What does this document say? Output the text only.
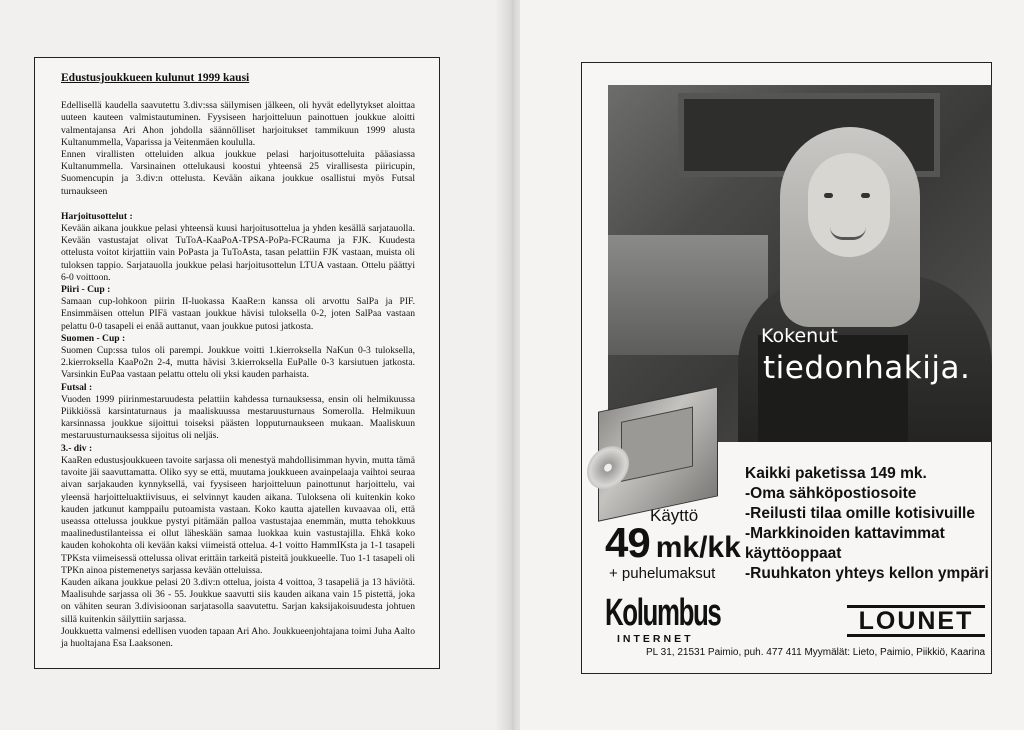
Edustusjoukkueen kulunut 1999 kausi

Edellisellä kaudella saavutettu 3.div:ssa säilymisen jälkeen, oli hyvät edellytykset aloittaa uuteen kauteen valmistautuminen. Fyysiseen harjoitteluun painottuen joukkue aloitti valmentajansa Ari Ahon johdolla säännölliset harjoitukset tammikuun 1999 alusta Kultanummella, Vaparissa ja Veitenmäen koululla.

Ennen virallisten otteluiden alkua joukkue pelasi harjoitusotteluita pääasiassa Kultanummella. Varsinainen ottelukausi koostui yhteensä 25 virallisesta piiricupin, Suomencupin ja 3.div:n ottelusta. Kevään aikana joukkue osallistui myös Futsal turnaukseen

Harjoitusottelut :

Kevään aikana joukkue pelasi yhteensä kuusi harjoitusottelua ja yhden kesällä sarjatauolla. Kevään vastustajat olivat TuToA-KaaPoA-TPSA-PoPa-FCRauma ja FJK. Kuudesta ottelusta voitot kirjattiin vain PoPasta ja TuToAsta, tasan pelattiin FJK vastaan, muista oli tuloksen tappio. Sarjatauolla joukkue pelasi harjoitusottelun LTUA vastaan. Ottelu päättyi 6-0 voittoon.

Piiri - Cup :

Samaan cup-lohkoon piirin II-luokassa KaaRe:n kanssa oli arvottu SalPa ja PIF. Ensimmäisen ottelun PIFä vastaan joukkue hävisi tuloksella 0-2, joten SalPaa vastaan pelattu 0-0 tasapeli ei enää auttanut, vaan joukkue putosi jatkosta.

Suomen - Cup :

Suomen Cup:ssa tulos oli parempi. Joukkue voitti 1.kierroksella NaKun 0-3 tuloksella, 2.kierroksella KaaPo2n 2-4, mutta hävisi 3.kierroksella EuPalle 0-3 karsiutuen jatkosta. Varsinkin EuPaa vastaan pelattu ottelu oli yksi kauden parhaista.

Futsal :

Vuoden 1999 piirinmestaruudesta pelattiin kahdessa turnauksessa, ensin oli helmikuussa Piikkiössä karsintaturnaus ja maaliskuussa mestaruusturnaus Somerolla. Helmikuun karsinnassa joukkue sijoittui toiseksi päästen lopputurnaukseen mukaan. Maaliskuun mestaruusturnauksessa sijoitus oli neljäs.

3.- div :

KaaRen edustusjoukkueen tavoite sarjassa oli menestyä mahdollisimman hyvin, mutta tämä tavoite jäi saavuttamatta. Oliko syy se että, muutama joukkueen avainpelaaja vaihtoi seuraa aivan sarjakauden kynnyksellä, vai fyysiseen harjoitteluun painottunut harjoittelu, vai yleensä harjoitteluaktiivisuus, ei selvinnyt kauden aikana. Tuloksena oli kuitenkin koko kauden jatkunut kamppailu putoamista vastaan. Koko kautta ajatellen kuvaavaa oli, että useassa ottelussa joukkue pystyi pitämään palloa vastustajaa enemmän, mutta tehokkuus maalinedustilanteissa ei ollut läheskään samaa luokkaa kuin vastustajilla. Ehkä koko kauden kohokohta oli kevään kaksi viimeistä ottelua. 4-1 voitto HammIKsta ja 1-1 tasapeli TPKsta viimeisessä ottelussa olivat erittäin tarkeitä pisteitä joukkueelle. Tuo 1-1 tasapeli oli TPKn ainoa pistemenetys sarjassa kevään otteluissa.

Kauden aikana joukkue pelasi 20 3.div:n ottelua, joista 4 voittoa, 3 tasapeliä ja 13 häviötä. Maalisuhde sarjassa oli 36 - 55. Joukkue saavutti siis kauden aikana vain 15 pistettä, joka on vähiten seuran 3.divisioonan sarjatasolla saavutettu. Sarjan kaksijakoisuudesta johtuen sillä kuitenkin säilyttiin sarjassa.

Joukkuetta valmensi edellisen vuoden tapaan Ari Aho. Joukkueenjohtajana toimi Juha Aalto ja huoltajana Esa Laaksonen.

Kokenut
tiedonhakija.
Käyttö
49 mk/kk
+ puhelumaksut
Kaikki paketissa 149 mk.
-Oma sähköpostiosoite
-Reilusti tilaa omille kotisivuille
-Markkinoiden kattavimmat
käyttöoppaat
-Ruuhkaton yhteys kellon ympäri
Kolumbus
INTERNET
LOUNET
PL 31, 21531 Paimio, puh. 477 411 Myymälät: Lieto, Paimio, Piikkiö, Kaarina
